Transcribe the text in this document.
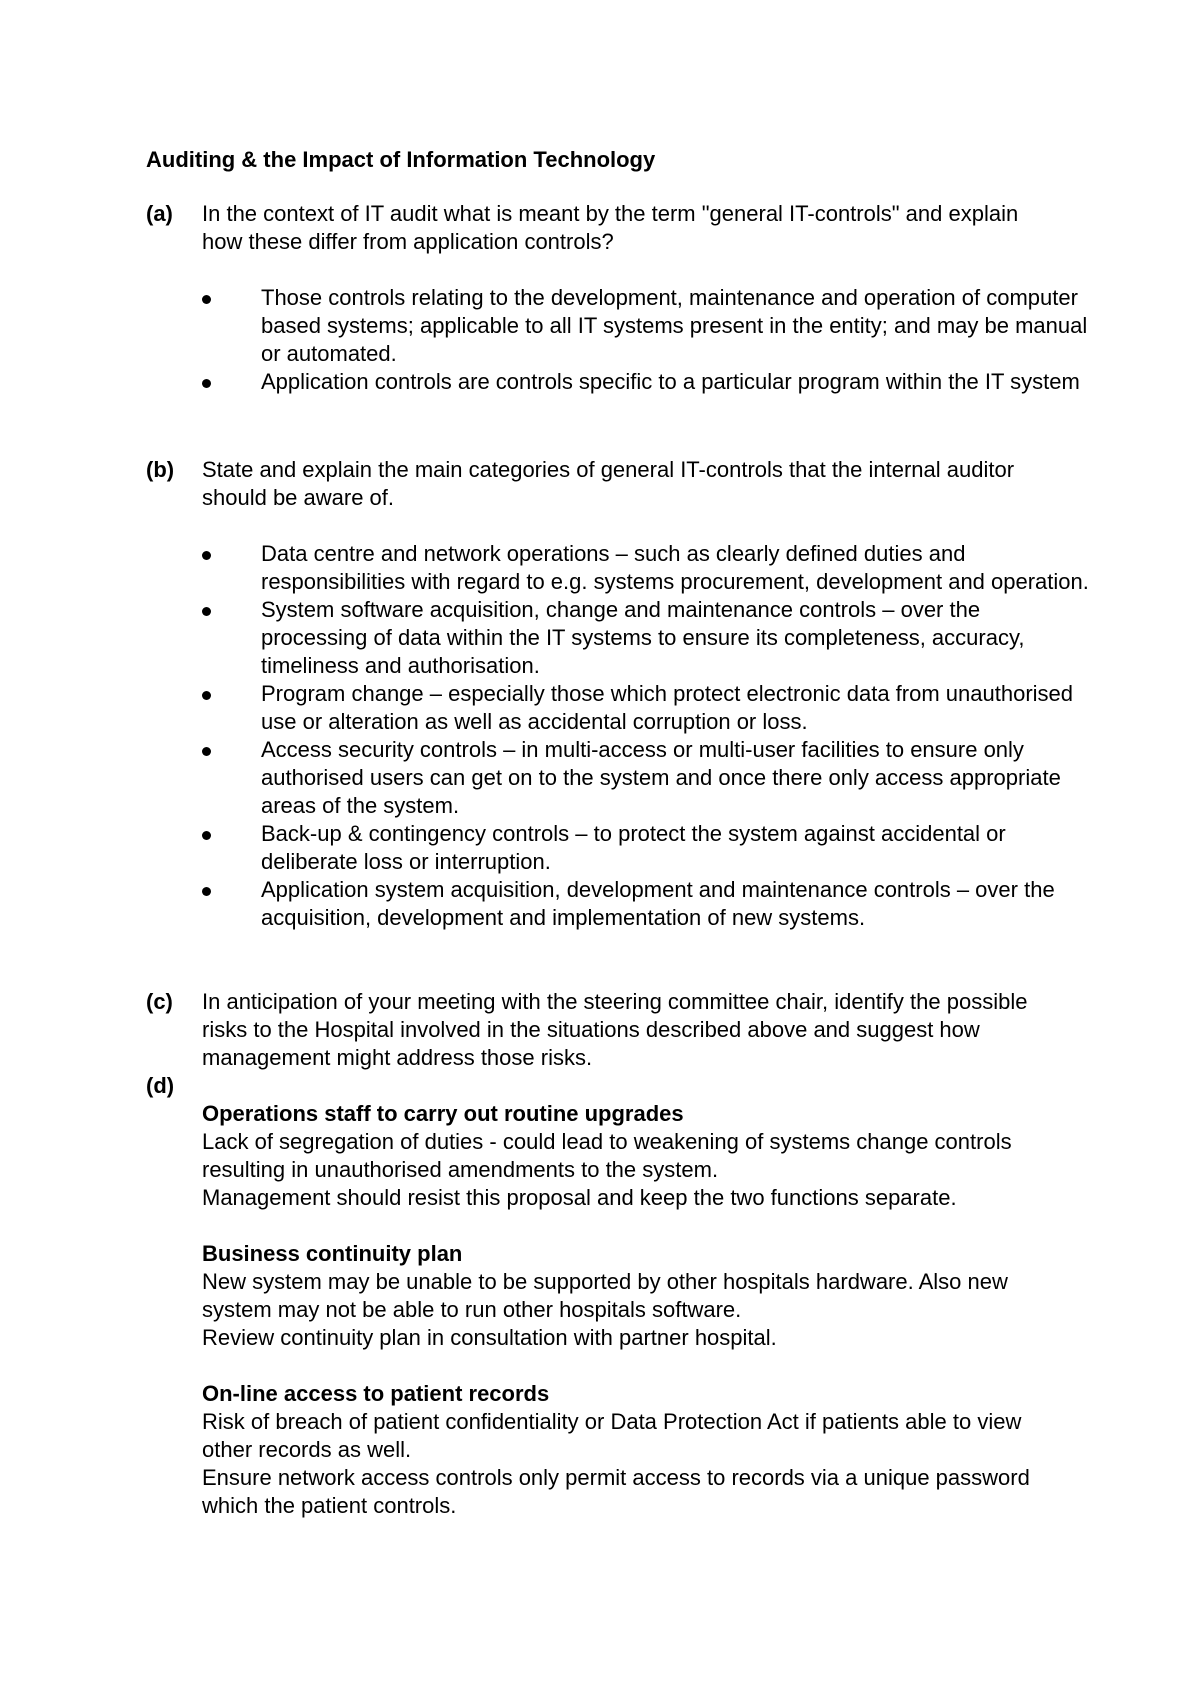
Auditing & the Impact of Information Technology
(a) In the context of IT audit what is meant by the term "general IT-controls" and explain how these differ from application controls?
Those controls relating to the development, maintenance and operation of computer based systems; applicable to all IT systems present in the entity; and may be manual or automated.
Application controls are controls specific to a particular program within the IT system
(b) State and explain the main categories of general IT-controls that the internal auditor should be aware of.
Data centre and network operations – such as clearly defined duties and responsibilities with regard to e.g. systems procurement, development and operation.
System software acquisition, change and maintenance controls – over the processing of data within the IT systems to ensure its completeness, accuracy, timeliness and authorisation.
Program change – especially those which protect electronic data from unauthorised use or alteration as well as accidental corruption or loss.
Access security controls – in multi-access or multi-user facilities to ensure only authorised users can get on to the system and once there only access appropriate areas of the system.
Back-up & contingency controls – to protect the system against accidental or deliberate loss or interruption.
Application system acquisition, development and maintenance controls – over the acquisition, development and implementation of new systems.
(c) In anticipation of your meeting with the steering committee chair, identify the possible risks to the Hospital involved in the situations described above and suggest how management might address those risks.
(d)
Operations staff to carry out routine upgrades
Lack of segregation of duties - could lead to weakening of systems change controls resulting in unauthorised amendments to the system.
Management should resist this proposal and keep the two functions separate.
Business continuity plan
New system may be unable to be supported by other hospitals hardware. Also new system may not be able to run other hospitals software.
Review continuity plan in consultation with partner hospital.
On-line access to patient records
Risk of breach of patient confidentiality or Data Protection Act if patients able to view other records as well.
Ensure network access controls only permit access to records via a unique password which the patient controls.
